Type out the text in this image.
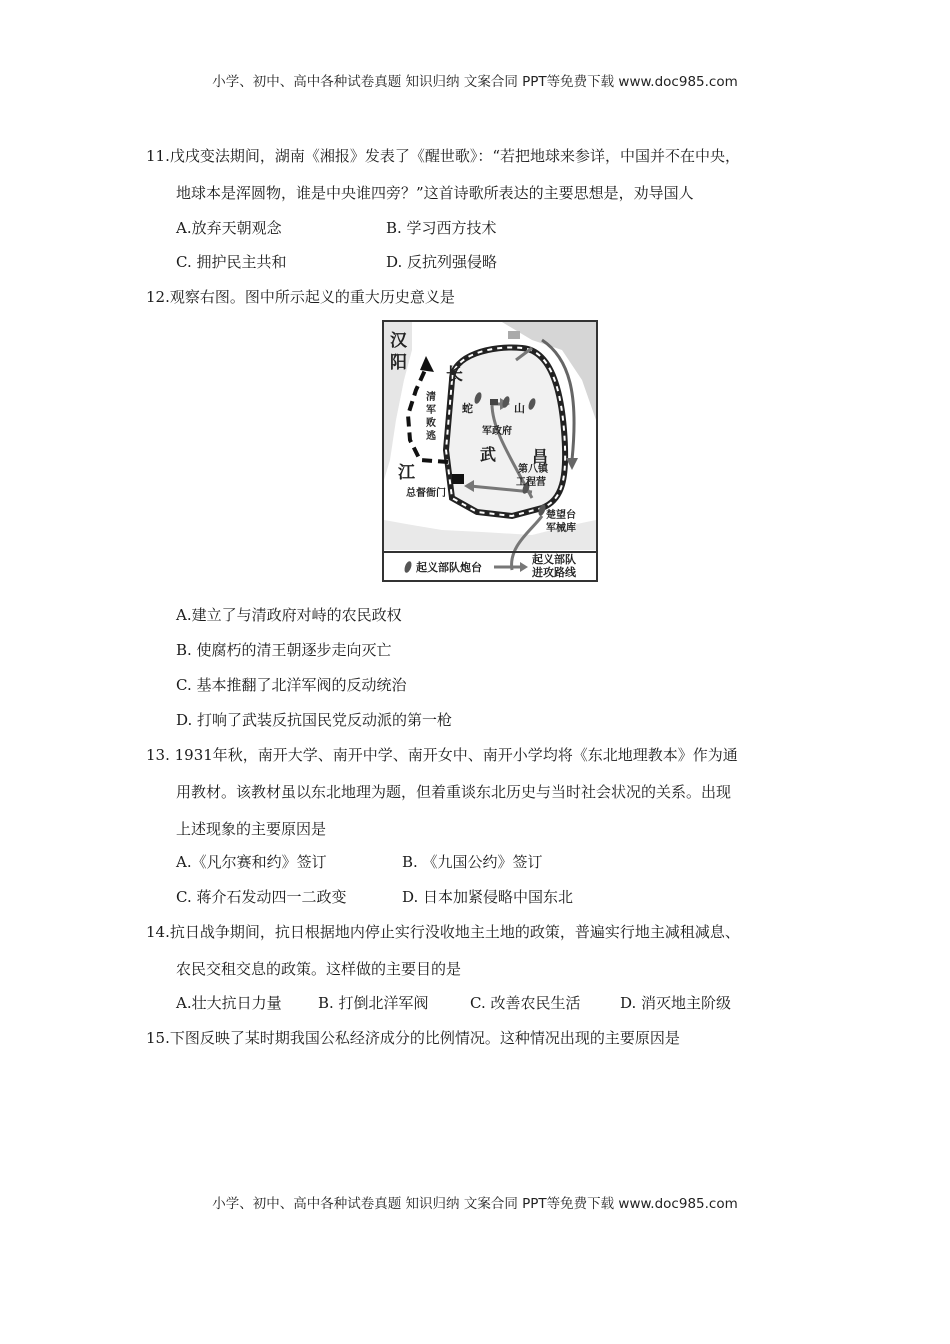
小学、初中、高中各种试卷真题 知识归纳 文案合同 PPT等免费下载 www.doc985.com
11.戊戌变法期间，湖南《湘报》发表了《醒世歌》：“若把地球来参详，中国并不在中央，
地球本是浑圆物，谁是中央谁四旁？”这首诗歌所表达的主要思想是，劝导国人
A.放弃天朝观念	B. 学习西方技术
C. 拥护民主共和	D. 反抗列强侵略
12.观察右图。图中所示起义的重大历史意义是
汉
阳
长
江
清
军
败
逃
蛇	山
军政府
武 昌
第八镇
工程营
总督衙门
楚望台
军械库
起义部队炮台
起义部队
进攻路线
A.建立了与清政府对峙的农民政权
B. 使腐朽的清王朝逐步走向灭亡
C. 基本推翻了北洋军阀的反动统治
D. 打响了武装反抗国民党反动派的第一枪
13. 1931年秋，南开大学、南开中学、南开女中、南开小学均将《东北地理教本》作为通
用教材。该教材虽以东北地理为题，但着重谈东北历史与当时社会状况的关系。出现
上述现象的主要原因是
A.《凡尔赛和约》签订	B. 《九国公约》签订
C. 蒋介石发动四一二政变	D. 日本加紧侵略中国东北
14.抗日战争期间，抗日根据地内停止实行没收地主土地的政策，普遍实行地主减租减息、
农民交租交息的政策。这样做的主要目的是
A.壮大抗日力量 B. 打倒北洋军阀	C. 改善农民生活	D. 消灭地主阶级
15.下图反映了某时期我国公私经济成分的比例情况。这种情况出现的主要原因是
小学、初中、高中各种试卷真题 知识归纳 文案合同 PPT等免费下载 www.doc985.com
